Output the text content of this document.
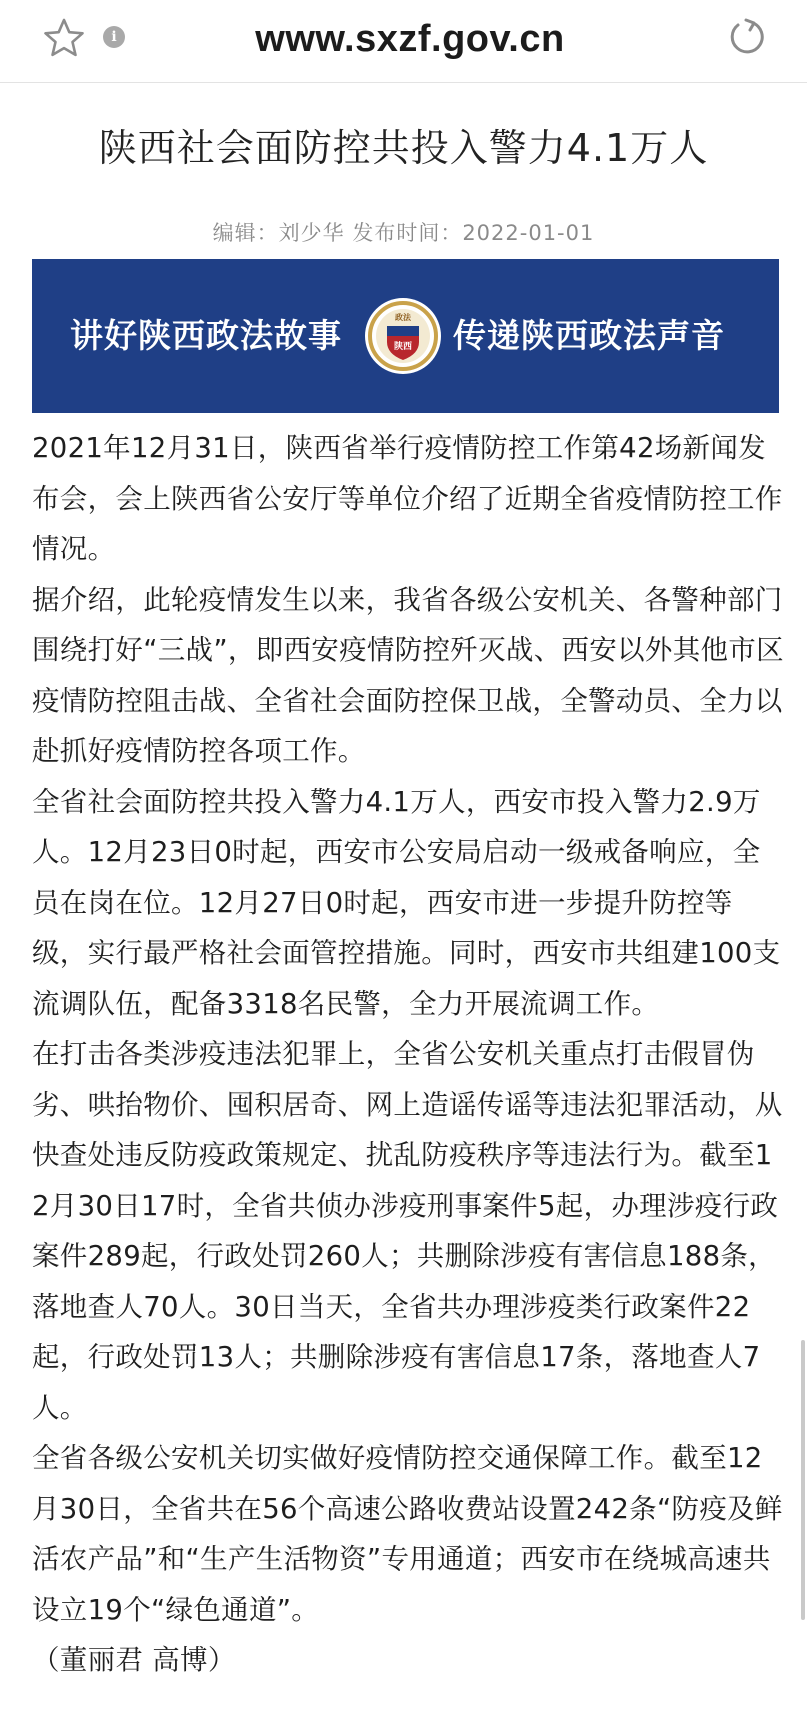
i	www.sxzf.gov.cn
陕西社会面防控共投入警力4.1万人
编辑：刘少华 发布时间：2022-01-01
讲好陕西政法故事	政法
陕西 传递陕西政法声音

2021年12月31日，陕西省举行疫情防控工作第42场新闻发布会，会上陕西省公安厅等单位介绍了近期全省疫情防控工作情况。

据介绍，此轮疫情发生以来，我省各级公安机关、各警种部门围绕打好“三战”，即西安疫情防控歼灭战、西安以外其他市区疫情防控阻击战、全省社会面防控保卫战，全警动员、全力以赴抓好疫情防控各项工作。

全省社会面防控共投入警力4.1万人，西安市投入警力2.9万人。12月23日0时起，西安市公安局启动一级戒备响应，全员在岗在位。12月27日0时起，西安市进一步提升防控等级，实行最严格社会面管控措施。同时，西安市共组建100支流调队伍，配备3318名民警，全力开展流调工作。

在打击各类涉疫违法犯罪上，全省公安机关重点打击假冒伪劣、哄抬物价、囤积居奇、网上造谣传谣等违法犯罪活动，从快查处违反防疫政策规定、扰乱防疫秩序等违法行为。截至12月30日17时，全省共侦办涉疫刑事案件5起，办理涉疫行政案件289起，行政处罚260人；共删除涉疫有害信息188条，落地查人70人。30日当天，全省共办理涉疫类行政案件22起，行政处罚13人；共删除涉疫有害信息17条，落地查人7人。

全省各级公安机关切实做好疫情防控交通保障工作。截至12月30日，全省共在56个高速公路收费站设置242条“防疫及鲜活农产品”和“生产生活物资”专用通道；西安市在绕城高速共设立19个“绿色通道”。

（董丽君 高博）
